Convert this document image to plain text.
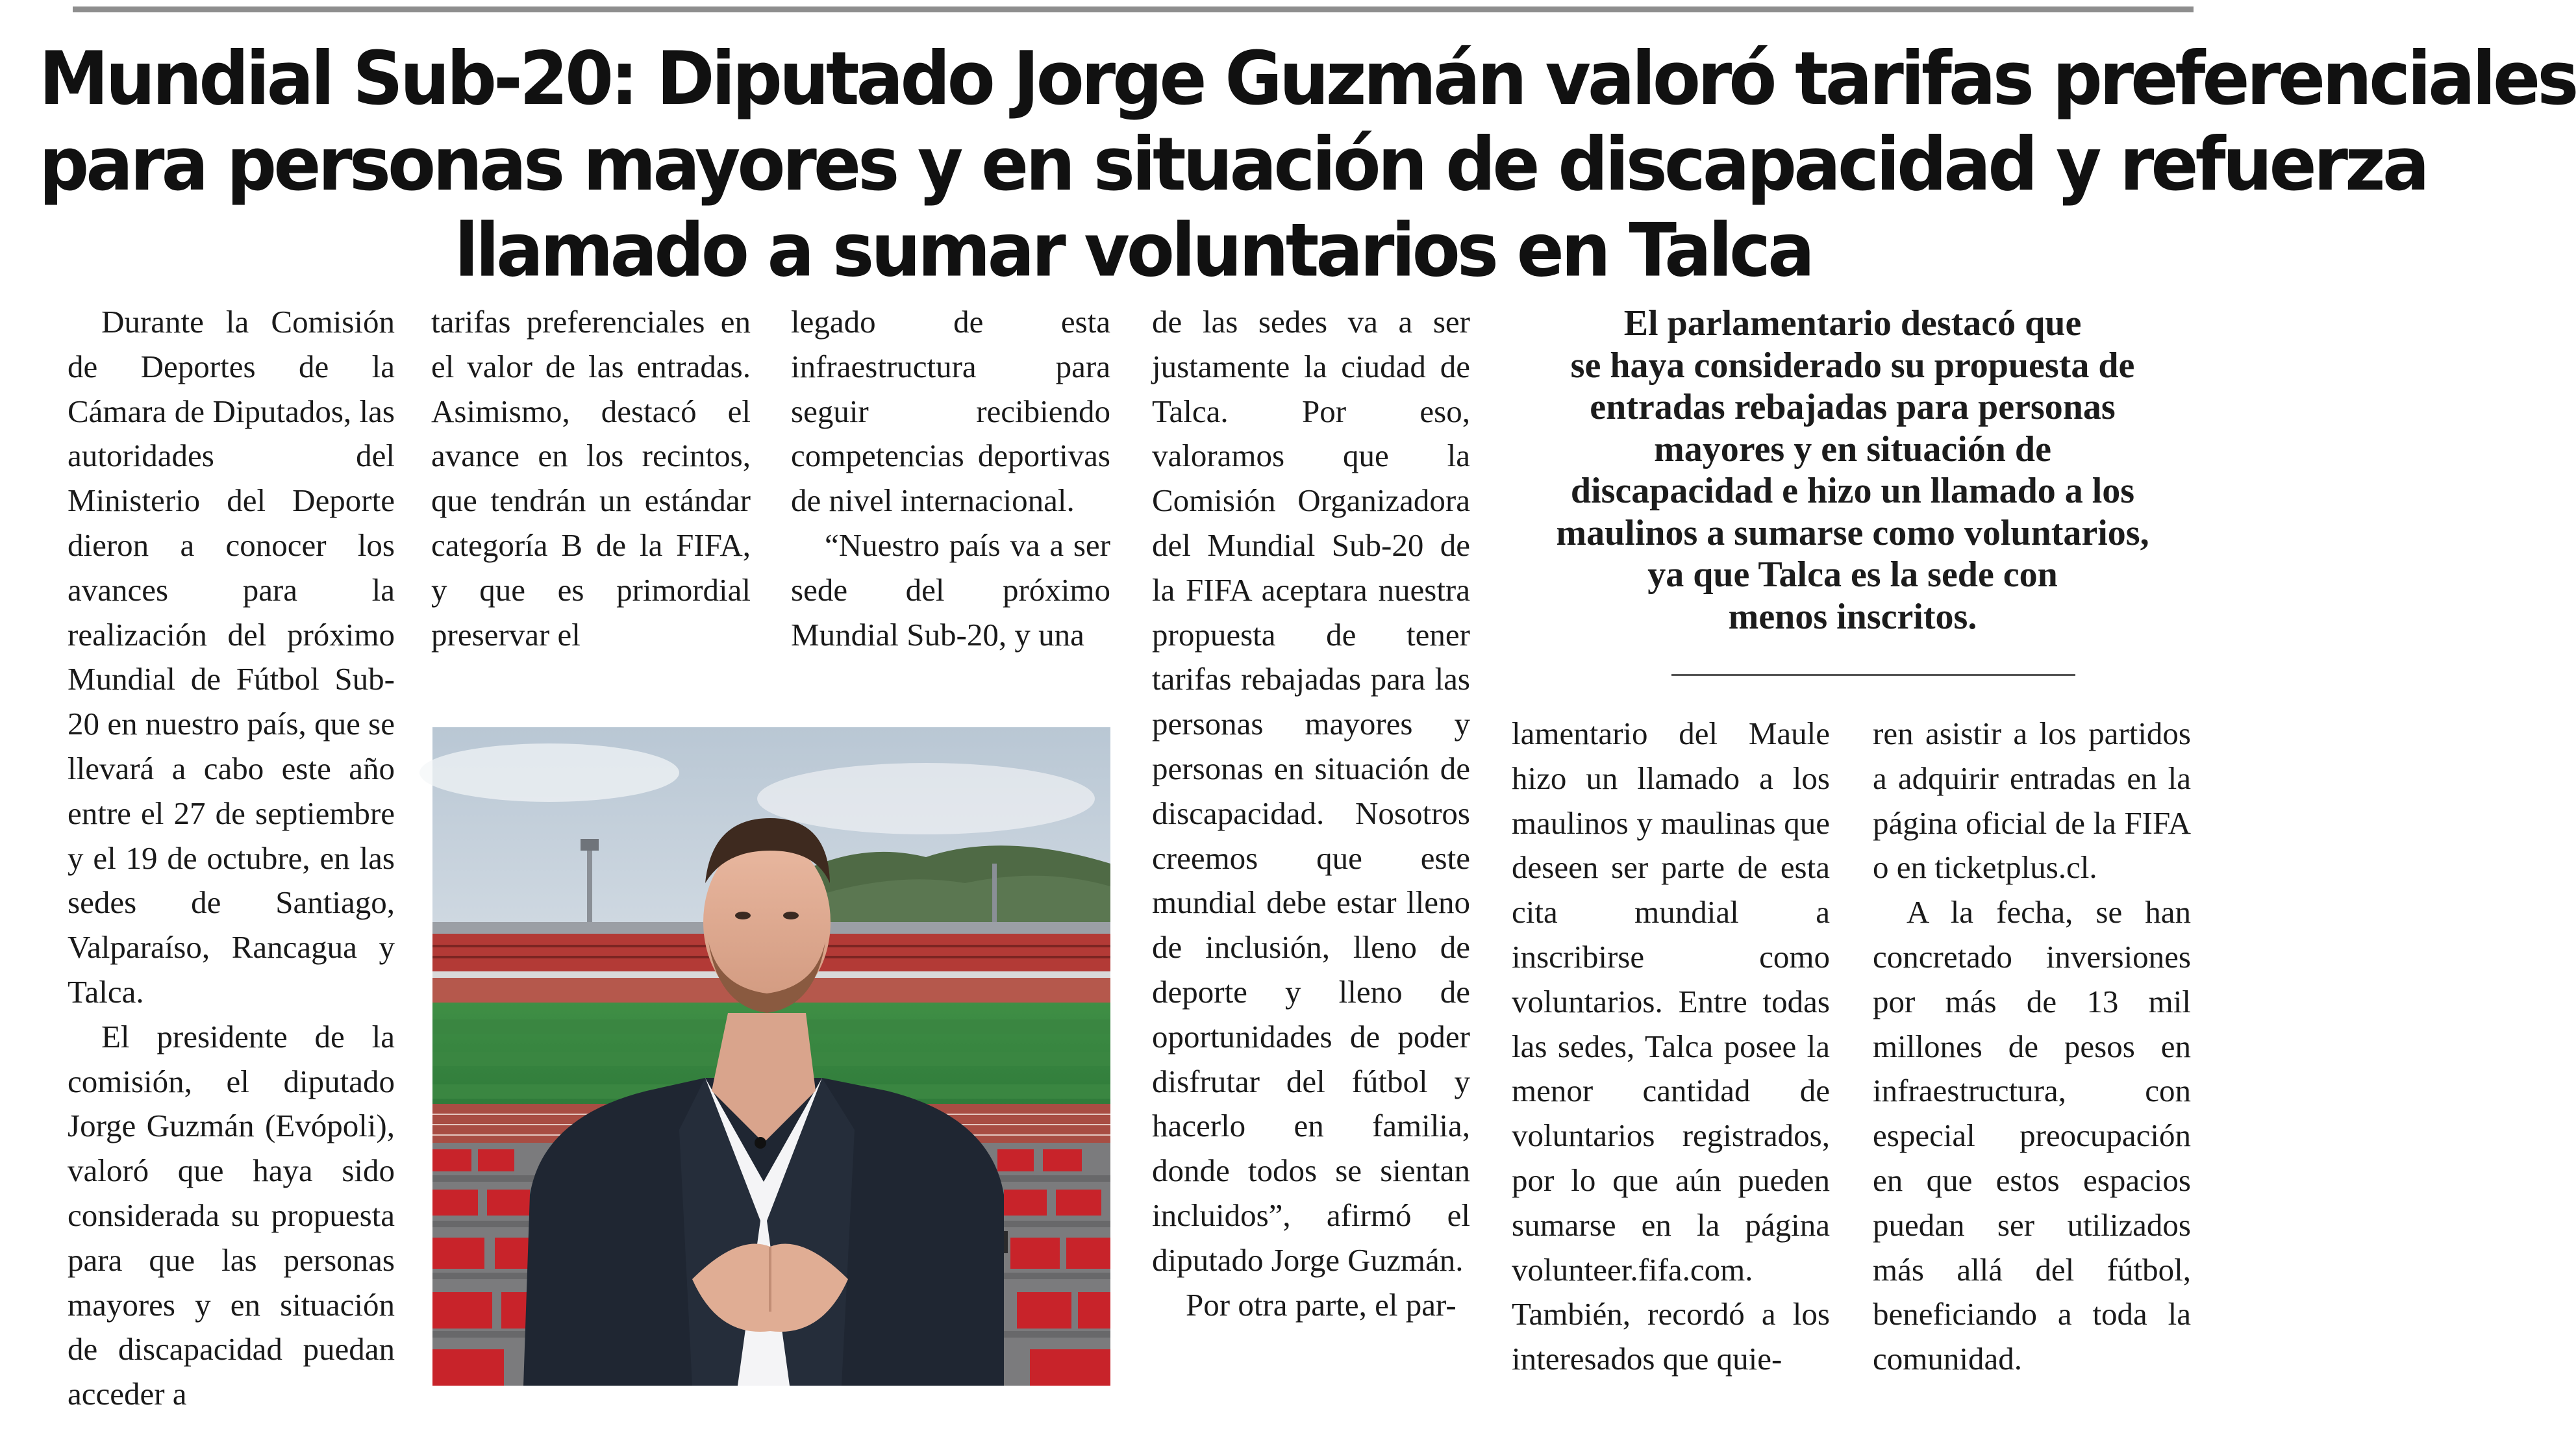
Mundial Sub-20: Diputado Jorge Guzmán valoró tarifas preferenciales
para personas mayores y en situación de discapacidad y refuerza
llamado a sumar voluntarios en Talca

Durante la Comisión de Deportes de la Cámara de Diputados, las autoridades del Ministerio del Deporte dieron a conocer los avances para la realización del próximo Mundial de Fútbol Sub-20 en nuestro país, que se llevará a cabo este año entre el 27 de septiembre y el 19 de octubre, en las sedes de Santiago, Valparaíso, Rancagua y Talca.

El presidente de la comisión, el diputado Jorge Guzmán (Evópoli), valoró que haya sido considerada su propuesta para que las personas mayores y en situación de discapacidad puedan acceder a

tarifas preferenciales en el valor de las entradas. Asimismo, destacó el avance en los recintos, que tendrán un estándar categoría B de la FIFA, y que es primordial preservar el

legado de esta infraestructura para seguir recibiendo competencias deportivas de nivel internacional.

“Nuestro país va a ser sede del próximo Mundial Sub-20, y una

de las sedes va a ser justamente la ciudad de Talca. Por eso, valoramos que la Comisión Organizadora del Mundial Sub-20 de la FIFA aceptara nuestra propuesta de tener tarifas rebajadas para las personas mayores y personas en situación de discapacidad. Nosotros creemos que este mundial debe estar lleno de inclusión, lleno de deporte y lleno de oportunidades de poder disfrutar del fútbol y hacerlo en familia, donde todos se sientan incluidos”, afirmó el diputado Jorge Guzmán.

Por otra parte, el par-

El parlamentario destacó que
se haya considerado su propuesta de
entradas rebajadas para personas
mayores y en situación de
discapacidad e hizo un llamado a los
maulinos a sumarse como voluntarios,
ya que Talca es la sede con
menos inscritos.

lamentario del Maule hizo un llamado a los maulinos y maulinas que deseen ser parte de esta cita mundial a inscribirse como voluntarios. Entre todas las sedes, Talca posee la menor cantidad de voluntarios registrados, por lo que aún pueden sumarse en la página volunteer.fifa.com. También, recordó a los interesados que quie-

ren asistir a los partidos a adquirir entradas en la página oficial de la FIFA o en ticketplus.cl.

A la fecha, se han concretado inversiones por más de 13 mil millones de pesos en infraestructura, con especial preocupación en que estos espacios puedan ser utilizados más allá del fútbol, beneficiando a toda la comunidad.
